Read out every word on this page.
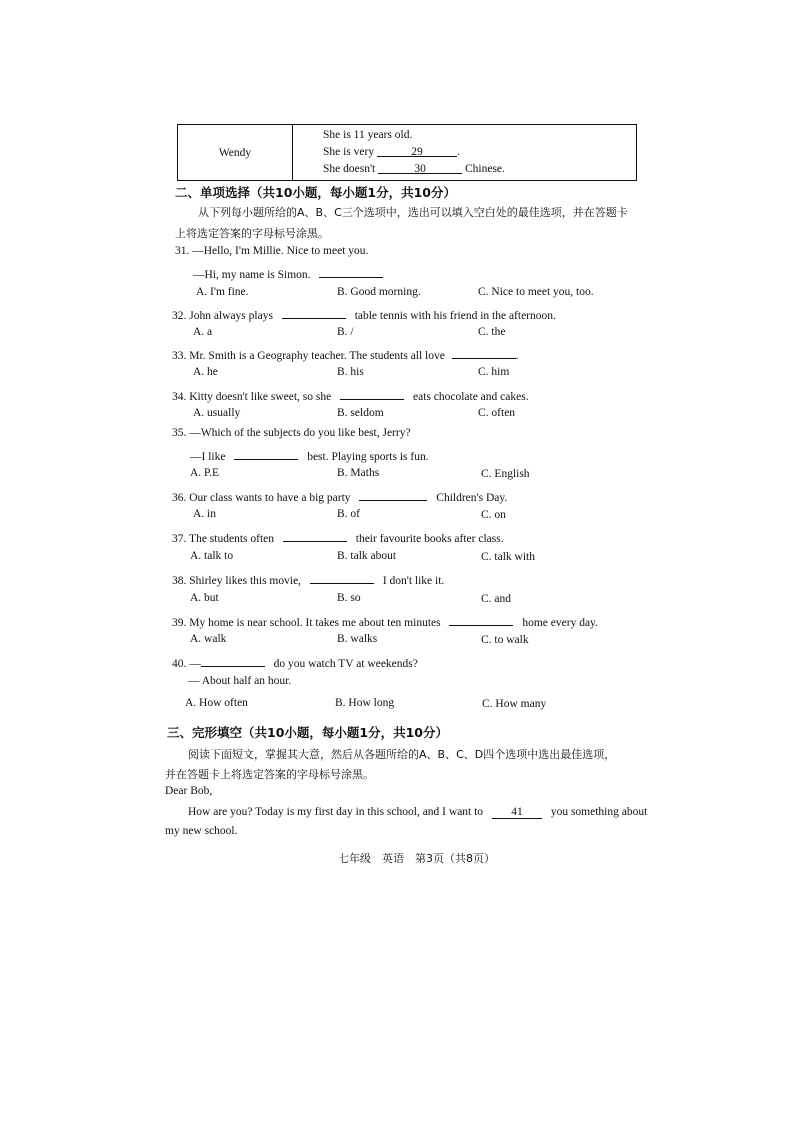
Wendy	
She is 11 years old.
She is very	29	.
She doesn't	30	Chinese.
二、单项选择（共10小题，每小题1分，共10分）
从下列每小题所给的A、B、C三个选项中，选出可以填入空白处的最佳选项，并在答题卡
上将选定答案的字母标号涂黑。
31. —Hello, I'm Millie. Nice to meet you.
—Hi, my name is Simon.
A. I'm fine.	B. Good morning.	C. Nice to meet you, too.
32. John always plays	table tennis with his friend in the afternoon.
A. a	B. /	C. the
33. Mr. Smith is a Geography teacher. The students all love	.
A. he	B. his	C. him
34. Kitty doesn't like sweet, so she	eats chocolate and cakes.
A. usually	B. seldom	C. often
35. —Which of the subjects do you like best, Jerry?
—I like	best. Playing sports is fun.
A. P.E	B. Maths	C. English
36. Our class wants to have a big party	Children's Day.
A. in	B. of	C. on
37. The students often	their favourite books after class.
A. talk to	B. talk about	C. talk with
38. Shirley likes this movie,	I don't like it.
A. but	B. so	C. and
39. My home is near school. It takes me about ten minutes	home every day.
A. walk	B. walks	C. to walk
40. —	do you watch TV at weekends?
— About half an hour.
A. How often	B. How long	C. How many
三、完形填空（共10小题，每小题1分，共10分）
阅读下面短文，掌握其大意，然后从各题所给的A、B、C、D四个选项中选出最佳选项，
并在答题卡上将选定答案的字母标号涂黑。
Dear Bob,
How are you? Today is my first day in this school, and I want to 41 you something about
my new school.
七年级　英语　第3页（共8页）
